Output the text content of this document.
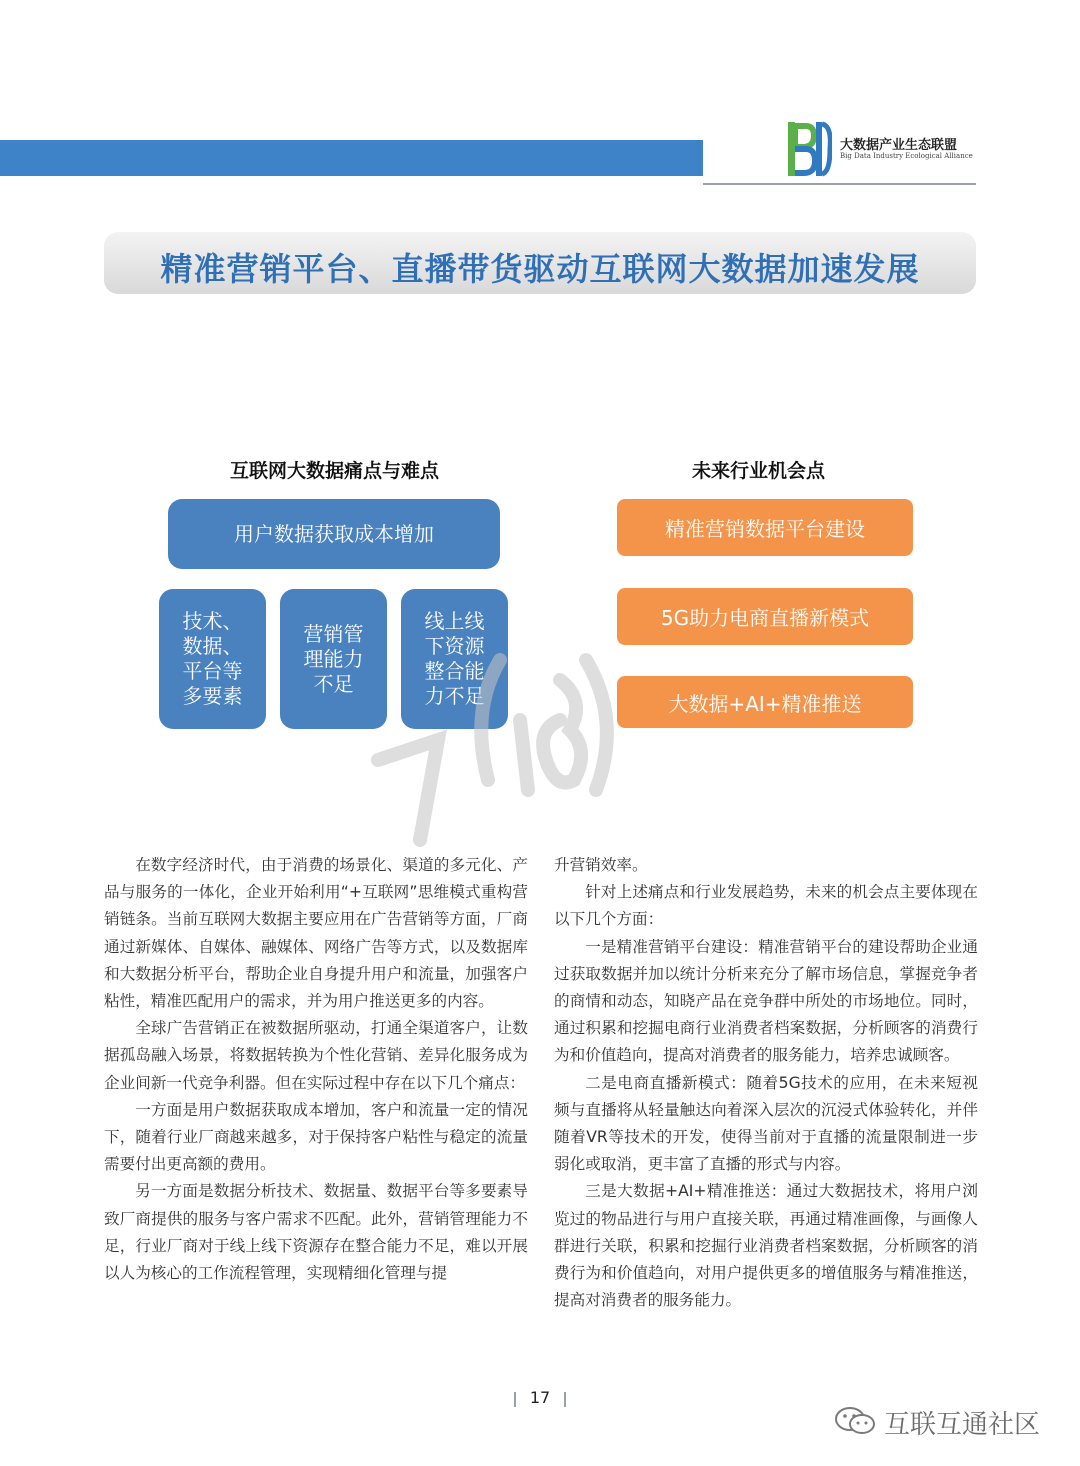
大数据产业生态联盟
Big Data Industry Ecological Alliance
精准营销平台、直播带货驱动互联网大数据加速发展
互联网大数据痛点与难点
用户数据获取成本增加
技术、数据、平台等多要素
营销管理能力不足
线上线下资源整合能力不足
未来行业机会点
精准营销数据平台建设
5G助力电商直播新模式
大数据+AI+精准推送

在数字经济时代，由于消费的场景化、渠道的多元化、产品与服务的一体化，企业开始利用“+互联网”思维模式重构营销链条。当前互联网大数据主要应用在广告营销等方面，厂商通过新媒体、自媒体、融媒体、网络广告等方式，以及数据库和大数据分析平台，帮助企业自身提升用户和流量，加强客户粘性，精准匹配用户的需求，并为用户推送更多的内容。

全球广告营销正在被数据所驱动，打通全渠道客户，让数据孤岛融入场景，将数据转换为个性化营销、差异化服务成为企业间新一代竞争利器。但在实际过程中存在以下几个痛点：

一方面是用户数据获取成本增加，客户和流量一定的情况下，随着行业厂商越来越多，对于保持客户粘性与稳定的流量需要付出更高额的费用。

另一方面是数据分析技术、数据量、数据平台等多要素导致厂商提供的服务与客户需求不匹配。此外，营销管理能力不足，行业厂商对于线上线下资源存在整合能力不足，难以开展以人为核心的工作流程管理，实现精细化管理与提

升营销效率。

针对上述痛点和行业发展趋势，未来的机会点主要体现在以下几个方面：

一是精准营销平台建设：精准营销平台的建设帮助企业通过获取数据并加以统计分析来充分了解市场信息，掌握竞争者的商情和动态，知晓产品在竞争群中所处的市场地位。同时，通过积累和挖掘电商行业消费者档案数据，分析顾客的消费行为和价值趋向，提高对消费者的服务能力，培养忠诚顾客。

二是电商直播新模式：随着5G技术的应用，在未来短视频与直播将从轻量触达向着深入层次的沉浸式体验转化，并伴随着VR等技术的开发，使得当前对于直播的流量限制进一步弱化或取消，更丰富了直播的形式与内容。

三是大数据+AI+精准推送：通过大数据技术，将用户浏览过的物品进行与用户直接关联，再通过精准画像，与画像人群进行关联，积累和挖掘行业消费者档案数据，分析顾客的消费行为和价值趋向，对用户提供更多的增值服务与精准推送，提高对消费者的服务能力。

17
互联互通社区
